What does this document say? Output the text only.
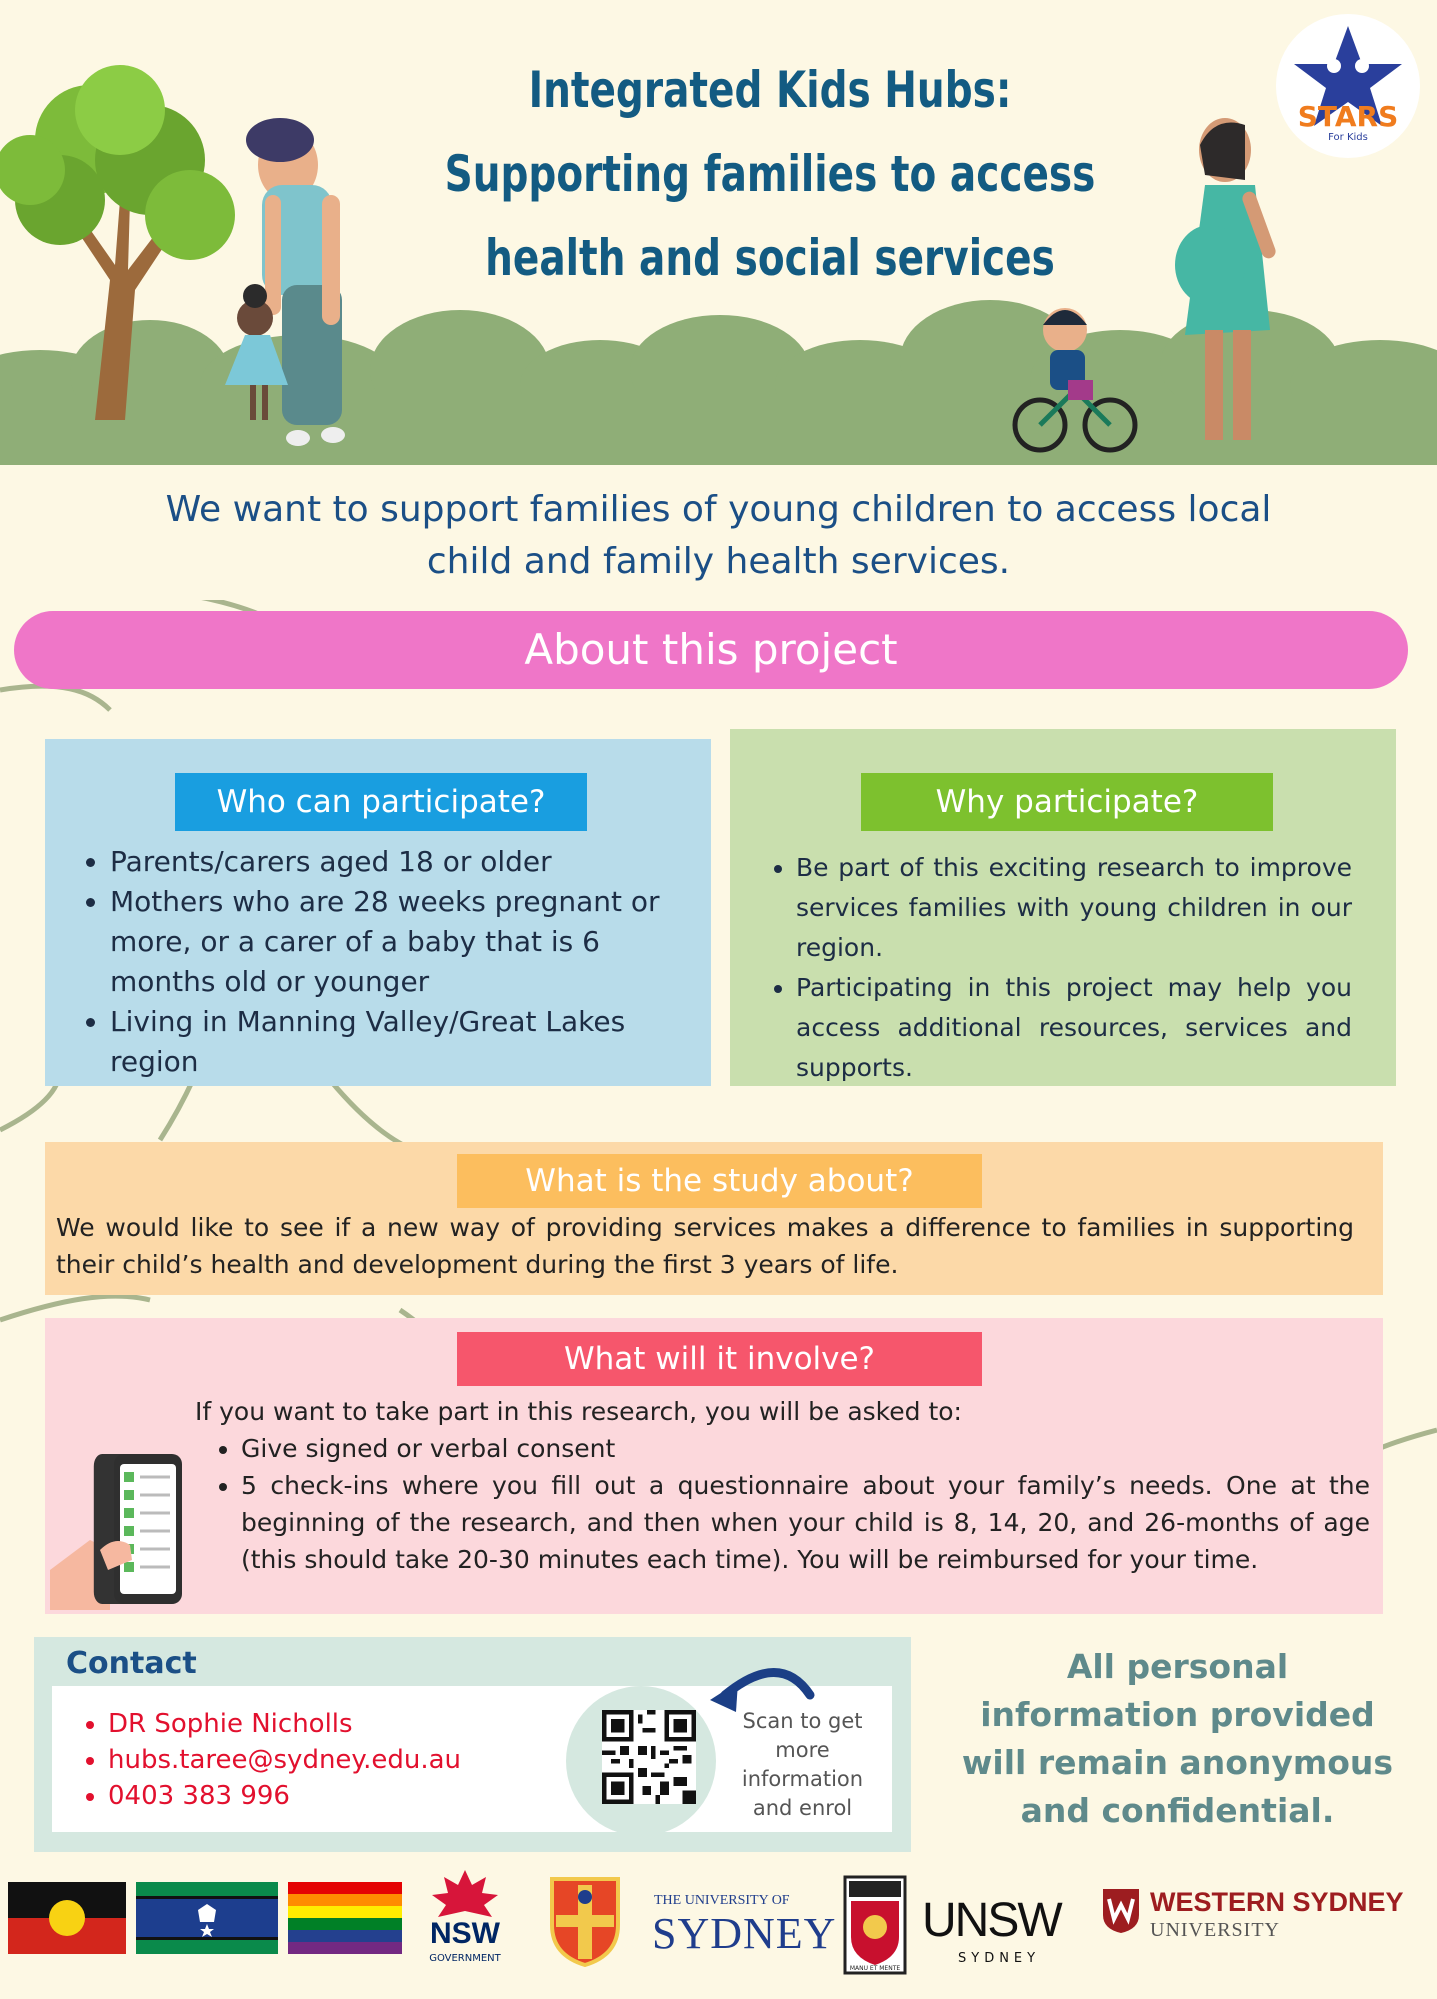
STARS
For Kids
Integrated Kids Hubs:
Supporting families to access
health and social services
We want to support families of young children to access local
child and family health services.
About this project
Who can participate?
• Parents/carers aged 18 or older
• Mothers who are 28 weeks pregnant or more, or a carer of a baby that is 6 months old or younger
• Living in Manning Valley/Great Lakes region
Why participate?
• Be part of this exciting research to improve services families with young children in our region.
• Participating in this project may help you access additional resources, services and supports.
What is the study about?
We would like to see if a new way of providing services makes a difference to families in supporting their child’s health and development during the first 3 years of life.
What will it involve?
If you want to take part in this research, you will be asked to:
• Give signed or verbal consent
• 5 check-ins where you fill out a questionnaire about your family’s needs. One at the beginning of the research, and then when your child is 8, 14, 20, and 26-months of age (this should take 20-30 minutes each time). You will be reimbursed for your time.
Contact
• DR Sophie Nicholls
• hubs.taree@sydney.edu.au
• 0403 383 996
Scan to get
more
information
and enrol
All personal
information provided
will remain anonymous
and confidential.
NSW
GOVERNMENT
THE UNIVERSITY OF
SYDNEY
MANU ET MENTE
UNSW
SYDNEY
WESTERN SYDNEY
UNIVERSITY
